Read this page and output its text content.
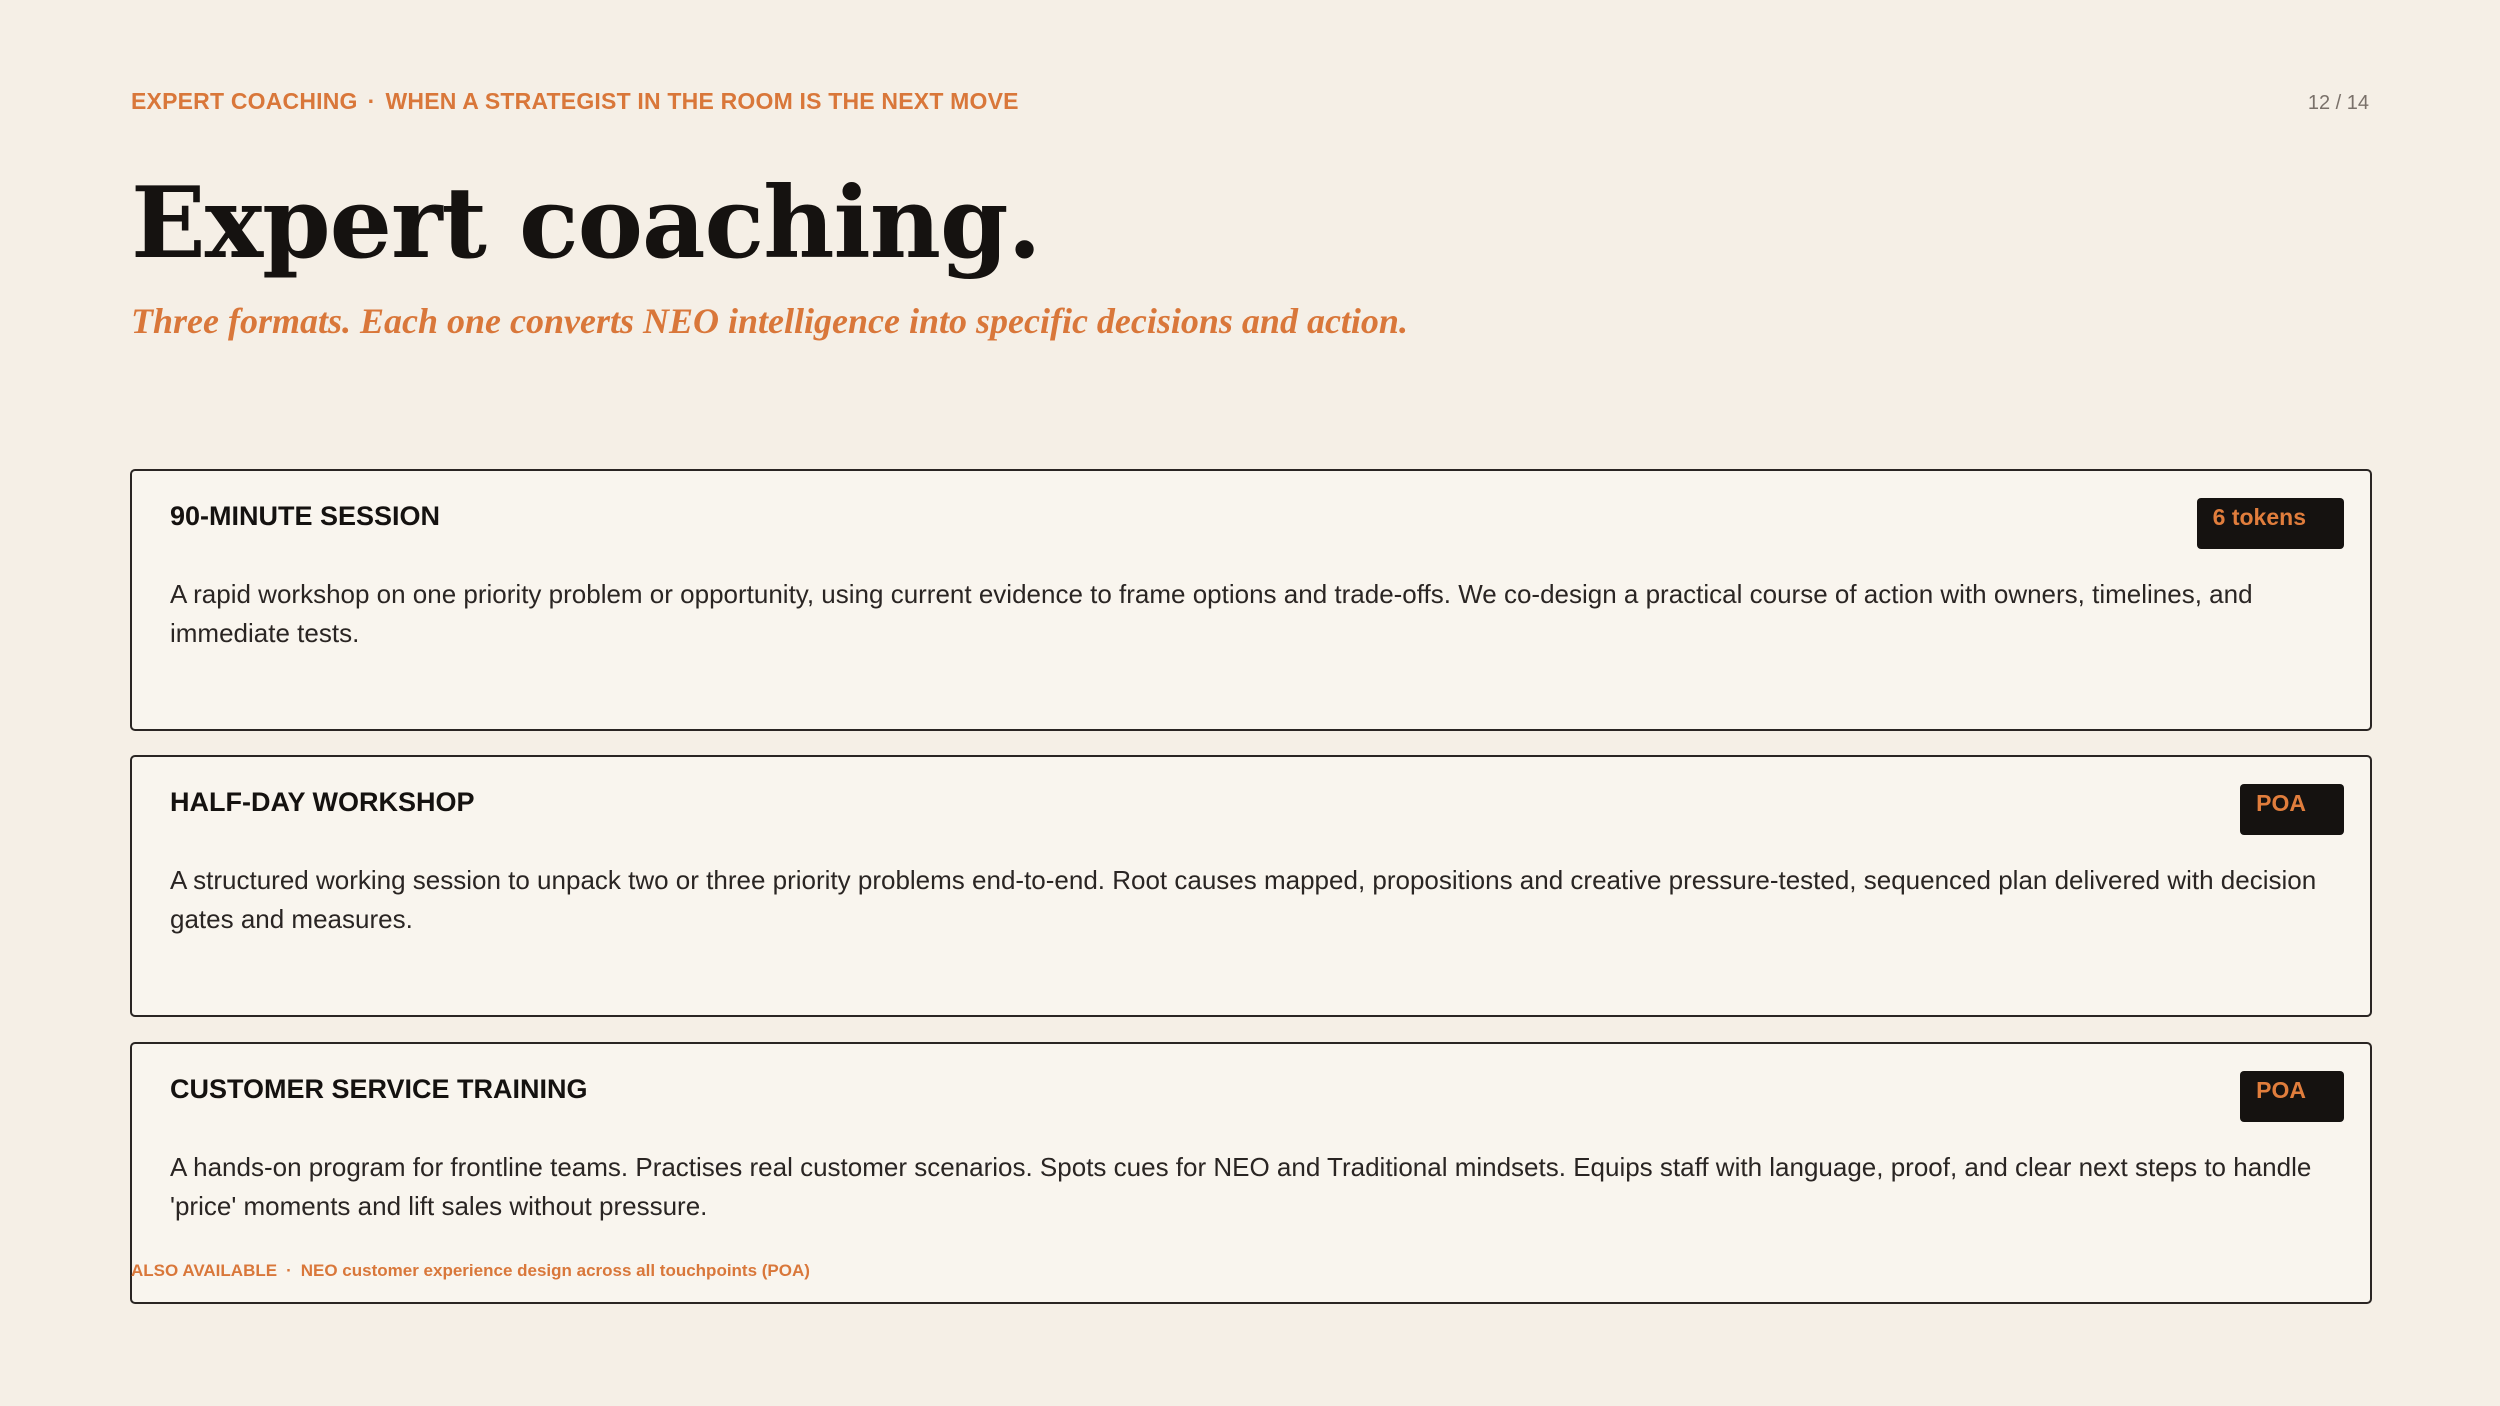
EXPERT COACHING · WHEN A STRATEGIST IN THE ROOM IS THE NEXT MOVE	12 / 14
Expert coaching.

Three formats. Each one converts NEO intelligence into specific decisions and action.

90-MINUTE SESSION	6 tokens

A rapid workshop on one priority problem or opportunity, using current evidence to frame options and trade-offs. We co-design a practical course of action with owners, timelines, and immediate tests.

HALF-DAY WORKSHOP	POA

A structured working session to unpack two or three priority problems end-to-end. Root causes mapped, propositions and creative pressure-tested, sequenced plan delivered with decision gates and measures.

CUSTOMER SERVICE TRAINING	POA

A hands-on program for frontline teams. Practises real customer scenarios. Spots cues for NEO and Traditional mindsets. Equips staff with language, proof, and clear next steps to handle 'price' moments and lift sales without pressure.

ALSO AVAILABLE · NEO customer experience design across all touchpoints (POA)
